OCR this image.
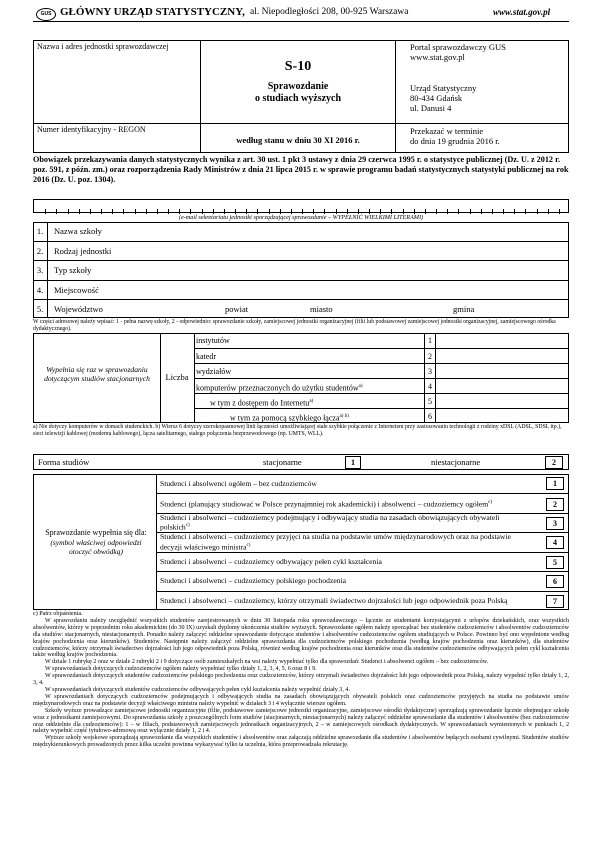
GUS GŁÓWNY URZĄD STATYSTYCZNY, al. Niepodległości 208, 00-925 Warszawa	www.stat.gov.pl
Nazwa i adres jednostki sprawozdawczej
Numer identyfikacyjny - REGON
S-10
Sprawozdanie
o studiach wyższych
według stanu w dniu 30 XI 2016 r.
Portal sprawozdawczy GUS
www.stat.gov.pl
Urząd Statystyczny
80-434 Gdańsk
ul. Danusi 4
Przekazać w terminie
do dnia 19 grudnia 2016 r.
Obowiązek przekazywania danych statystycznych wynika z art. 30 ust. 1 pkt 3 ustawy z dnia 29 czerwca 1995 r. o statystyce publicznej (Dz. U. z 2012 r. poz. 591, z późn. zm.) oraz rozporządzenia Rady Ministrów z dnia 21 lipca 2015 r. w sprawie programu badań statystycznych statystyki publicznej na rok 2016 (Dz. U. poz. 1304).
(e-mail sekretariatu jednostki sporządzającej sprawozdanie – WYPEŁNIĆ WIELKIMI LITERAMI)
1.	Nazwa szkoły
2.	Rodzaj jednostki
3.	Typ szkoły
4.	Miejscowość
5.	Województwo	powiat	miasto	gmina
W części adresowej należy wpisać: 1 - pełna nazwę szkoły, 2 - odpowiednio: sprawozdanie szkoły, zamiejscowej jednostki organizacyjnej (filii lub podstawowej zamiejscowej jednostki organizacyjnej, zamiejscowego ośrodka dydaktycznego).
Wypełnia się raz w sprawozdaniu dotyczącym studiów stacjonarnych	Liczba
instytutów	1
katedr	2
wydziałów	3
komputerów przeznaczonych do użytku studentów$^{a)}$	4
w tym z dostępem do Internetu$^{a)}$	5
w tym za pomocą szybkiego łącza$^{a) b)}$	6
a) Nie dotyczy komputerów w domach studenckich. b) Wiersz 6 dotyczy szerokopasmowej linii łączności umożliwiającej stałe szybkie połączenie z Internetem przy zastosowaniu technologii z rodziny xDSL (ADSL, SDSL itp.), sieci telewizji kablowej (modemu kablowego), łącza satelitarnego, stałego połączenia bezprzewodowego (np. UMTS, WLL).
Forma studiów	stacjonarne	1	niestacjonarne	2
Sprawozdanie wypełnia się dla:
(symbol właściwej odpowiedzi otoczyć obwódką)
Studenci i absolwenci ogółem – bez cudzoziemców	1
Studenci (planujący studiować w Polsce przynajmniej rok akademicki) i absolwenci – cudzoziemcy ogółem$^{c)}$	2
Studenci i absolwenci – cudzoziemcy podejmujący i odbywający studia na zasadach obowiązujących obywateli polskich$^{c)}$	3
Studenci i absolwenci – cudzoziemcy przyjęci na studia na podstawie umów międzynarodowych oraz na podstawie decyzji właściwego ministra$^{c)}$	4
Studenci i absolwenci – cudzoziemcy odbywający pełen cykl kształcenia	5
Studenci i absolwenci – cudzoziemcy polskiego pochodzenia	6
Studenci i absolwenci – cudzoziemcy, którzy otrzymali świadectwo dojrzałości lub jego odpowiednik poza Polską	7
c) Patrz objaśnienia.
W sprawozdaniu należy uwzględnić wszystkich studentów zarejestrowanych w dniu 30 listopada roku sprawozdawczego – łącznie ze studentami korzystającymi z urlopów dziekańskich, oraz wszystkich absolwentów, którzy w poprzednim roku akademickim (do 30 IX) uzyskali dyplomy ukończenia studiów wyższych. Sprawozdanie ogółem należy sporządzać bez studentów cudzoziemców i absolwentów cudzoziemców dla studiów: stacjonarnych, niestacjonarnych. Ponadto należy załączyć oddzielne sprawozdanie dotyczące studentów i absolwentów cudzoziemców ogółem studiujących w Polsce. Powinno być ono wypełnione według krajów pochodzenia oraz kierunków). Studentów. Następnie należy załączyć oddzielne sprawozdania dla cudzoziemców polskiego pochodzenia (według krajów pochodzenia oraz kierunków), dla studentów cudzoziemców, którzy otrzymali świadectwo dojrzałości lub jego odpowiednik poza Polską, również według krajów pochodzenia oraz kierunków oraz dla studentów cudzoziemców odbywających pełen cykl kształcenia także według krajów pochodzenia.
W dziale 1 rubrykę 2 oraz w dziale 2 rubryki 2 i 9 dotyczące osób zamieszkałych na wsi należy wypełniać tylko dla sprawozdań: Studenci i absolwenci ogółem – bez cudzoziemców.
W sprawozdaniach dotyczących cudzoziemców ogółem należy wypełniać tylko działy 1, 2, 3, 4, 5, 6 oraz 8 i 9.
W sprawozdaniach dotyczących studentów cudzoziemców polskiego pochodzenia oraz cudzoziemców, którzy otrzymali świadectwo dojrzałości lub jego odpowiednik poza Polską, należy wypełnić tylko działy 1, 2, 3, 4.
W sprawozdaniach dotyczących studentów cudzoziemców odbywających pełen cykl kształcenia należy wypełnić działy 3, 4.
W sprawozdaniach dotyczących cudzoziemców podejmujących i odbywających studia na zasadach obowiązujących obywateli polskich oraz cudzoziemców przyjętych na studia na podstawie umów międzynarodowych oraz na podstawie decyzji właściwego ministra należy wypełnić w działach 3 i 4 wyłącznie wiersze ogółem.
Szkoły wyższe prowadzące zamiejscowe jednostki organizacyjne (filie, podstawowe zamiejscowe jednostki organizacyjne, zamiejscowe ośrodki dydaktyczne) sporządzają sprawozdanie łącznie obejmujące szkołę wraz z jednostkami zamiejscowymi. Do sprawozdania szkoły z poszczególnych form studiów (stacjonarnych, niestacjonarnych) należy załączyć oddzielne sprawozdanie dla studentów i absolwentów (bez cudzoziemców oraz oddzielnie dla cudzoziemców): 1 – w filiach, podstawowych zamiejscowych jednostkach organizacyjnych, 2 – w zamiejscowych ośrodkach dydaktycznych. W sprawozdaniach wymienionych w punktach 1, 2 należy wypełnić część tytułowo-adresową oraz wyłącznie działy 1, 2 i 4.
Wyższe szkoły wojskowe sporządzają sprawozdanie dla wszystkich studentów i absolwentów oraz załączają oddzielne sprawozdanie dla studentów i absolwentów będących osobami cywilnymi. Studentów studiów międzykierunkowych prowadzonych przez kilka uczelni powinna wykazywać tylko ta uczelnia, która przeprowadzała rekrutację.
